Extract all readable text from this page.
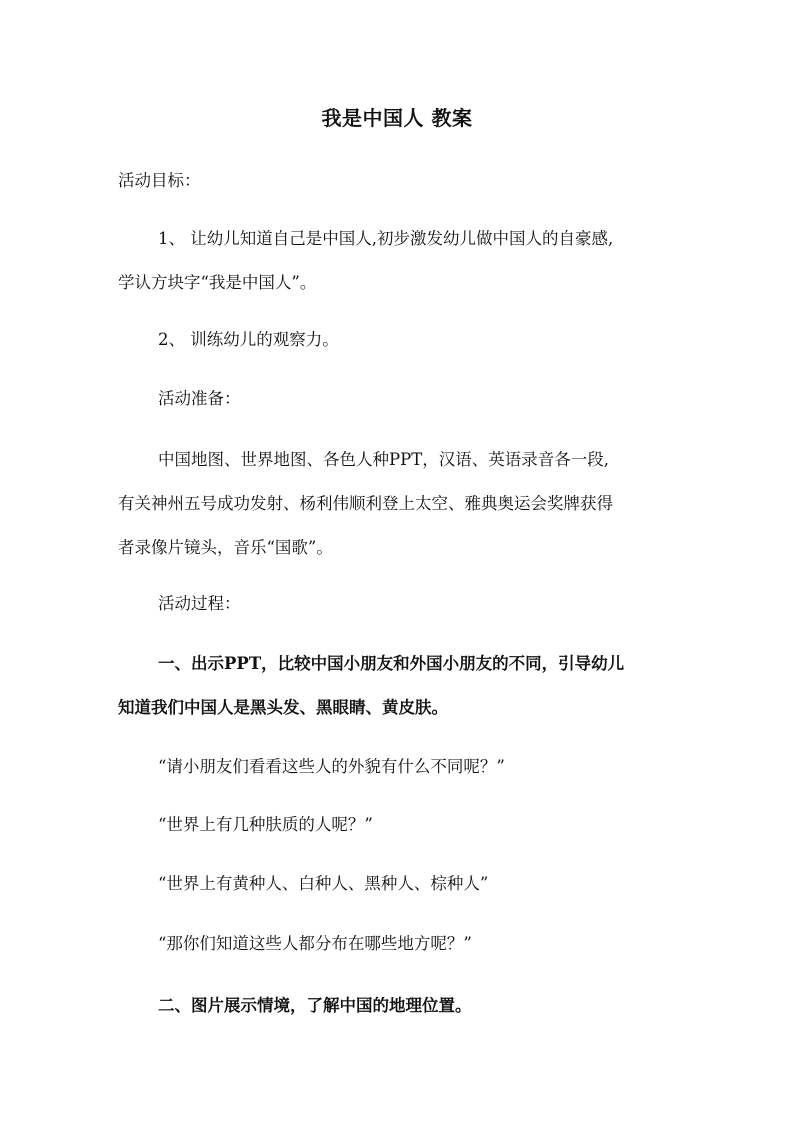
我是中国人 教案
活动目标：
1、 让幼儿知道自己是中国人,初步激发幼儿做中国人的自豪感,
学认方块字“我是中国人”。
2、 训练幼儿的观察力。
活动准备：
中国地图、世界地图、各色人种PPT，汉语、英语录音各一段,
有关神州五号成功发射、杨利伟顺利登上太空、雅典奥运会奖牌获得
者录像片镜头，音乐“国歌”。
活动过程：
一、出示PPT，比较中国小朋友和外国小朋友的不同，引导幼儿
知道我们中国人是黑头发、黑眼睛、黄皮肤。
“请小朋友们看看这些人的外貌有什么不同呢？”
“世界上有几种肤质的人呢？”
“世界上有黄种人、白种人、黑种人、棕种人”
“那你们知道这些人都分布在哪些地方呢？”
二、图片展示情境，了解中国的地理位置。
